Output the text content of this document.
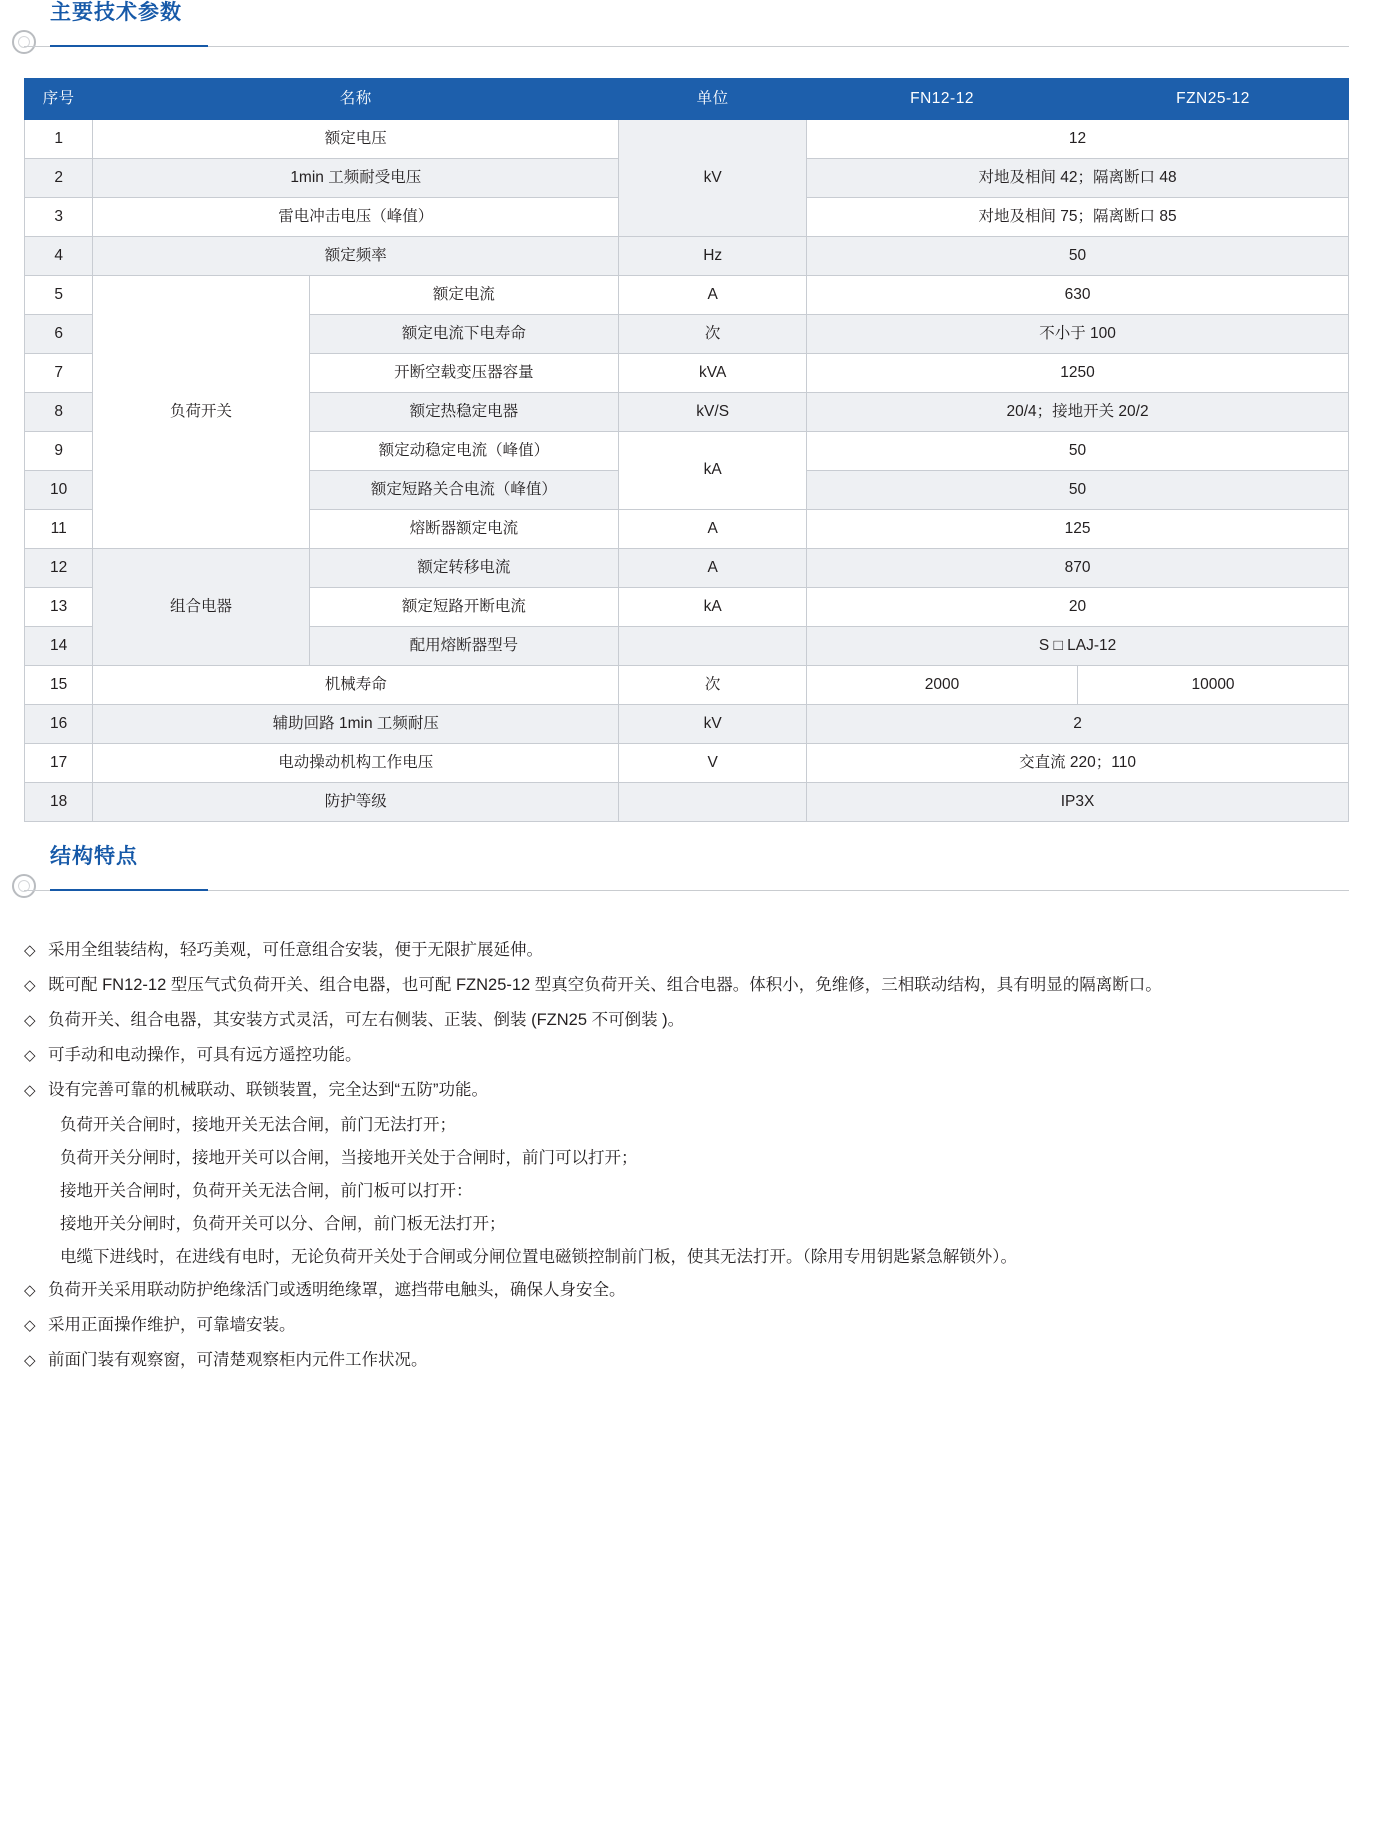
主要技术参数
序号	名称		单位	FN12-12	FZN25-12
1	额定电压		kV	12	
2	1min 工频耐受电压			对地及相间 42；隔离断口 48	
3	雷电冲击电压（峰值）			对地及相间 75；隔离断口 85	
4	额定频率		Hz	50	
5	负荷开关	额定电流	A	630	
6		额定电流下电寿命	次	不小于 100	
7		开断空载变压器容量	kVA	1250	
8		额定热稳定电器	kV/S	20/4；接地开关 20/2	
9		额定动稳定电流（峰值）	kA	50	
10		额定短路关合电流（峰值）		50	
11		熔断器额定电流	A	125	
12	组合电器	额定转移电流	A	870	
13		额定短路开断电流	kA	20	
14		配用熔断器型号		S □ LAJ-12	
15	机械寿命		次	2000	10000
16	辅助回路 1min 工频耐压		kV	2	
17	电动操动机构工作电压		V	交直流 220；110	
18	防护等级			IP3X	
结构特点
◇ 采用全组装结构，轻巧美观，可任意组合安装，便于无限扩展延伸。
◇ 既可配 FN12-12 型压气式负荷开关、组合电器，也可配 FZN25-12 型真空负荷开关、组合电器。体积小，免维修，三相联动结构，具有明显的隔离断口。
◇ 负荷开关、组合电器，其安装方式灵活，可左右侧装、正装、倒装 (FZN25 不可倒装 )。
◇ 可手动和电动操作，可具有远方遥控功能。
◇ 设有完善可靠的机械联动、联锁装置，完全达到“五防”功能。
负荷开关合闸时，接地开关无法合闸，前门无法打开；
负荷开关分闸时，接地开关可以合闸，当接地开关处于合闸时，前门可以打开；
接地开关合闸时，负荷开关无法合闸，前门板可以打开：
接地开关分闸时，负荷开关可以分、合闸，前门板无法打开；
电缆下进线时，在进线有电时，无论负荷开关处于合闸或分闸位置电磁锁控制前门板，使其无法打开。（除用专用钥匙紧急解锁外）。
◇ 负荷开关采用联动防护绝缘活门或透明绝缘罩，遮挡带电触头，确保人身安全。
◇ 采用正面操作维护，可靠墙安装。
◇ 前面门装有观察窗，可清楚观察柜内元件工作状况。
